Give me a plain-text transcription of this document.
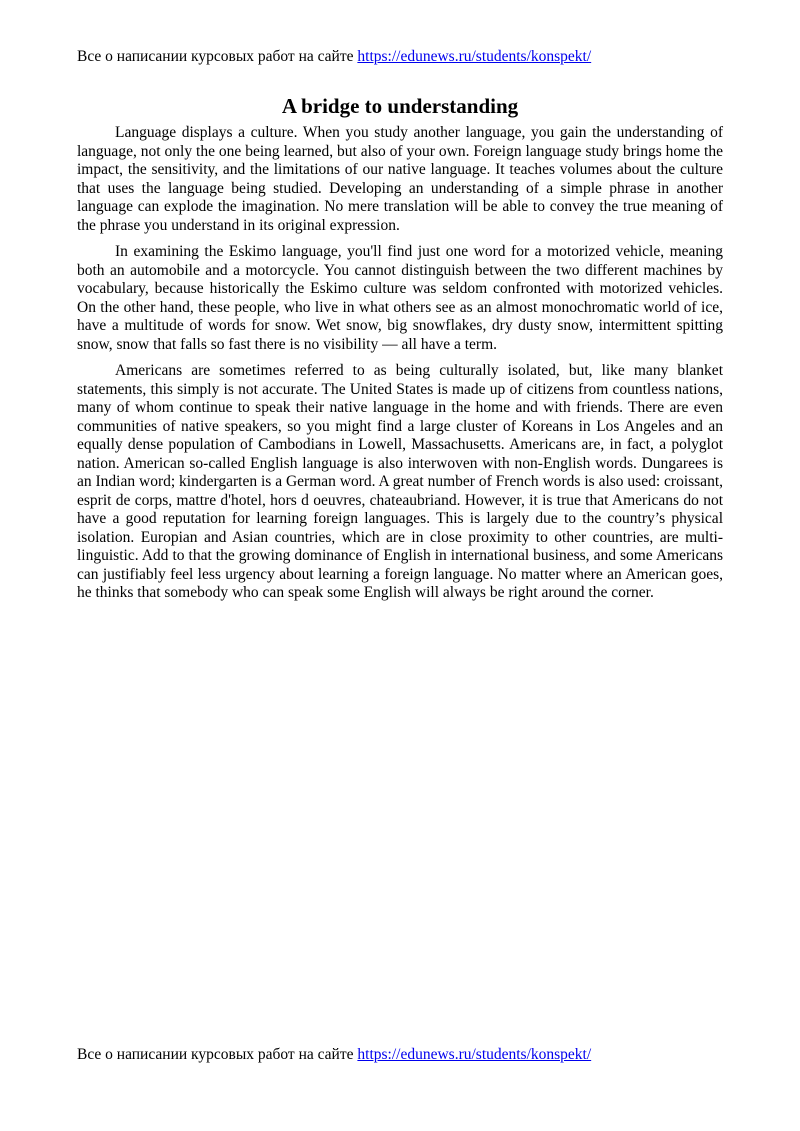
Все о написании курсовых работ на сайте https://edunews.ru/students/konspekt/
A bridge to understanding

Language displays a culture. When you study another language, you gain the understanding of language, not only the one being learned, but also of your own. Foreign language study brings home the impact, the sensitivity, and the limitations of our native language. It teaches volumes about the culture that uses the language being studied. Developing an understanding of a simple phrase in another language can explode the imagination. No mere translation will be able to convey the true meaning of the phrase you understand in its original expression.

In examining the Eskimo language, you'll find just one word for a motorized vehicle, meaning both an automobile and a motorcycle. You cannot distinguish between the two different machines by vocabulary, because historically the Eskimo culture was seldom confronted with motorized vehicles. On the other hand, these people, who live in what others see as an almost monochromatic world of ice, have a multitude of words for snow. Wet snow, big snowflakes, dry dusty snow, intermittent spitting snow, snow that falls so fast there is no visibility — all have a term.

Americans are sometimes referred to as being culturally isolated, but, like many blanket statements, this simply is not accurate. The United States is made up of citizens from countless nations, many of whom continue to speak their native language in the home and with friends. There are even communities of native speakers, so you might find a large cluster of Koreans in Los Angeles and an equally dense population of Cambodians in Lowell, Massachusetts. Americans are, in fact, a polyglot nation. American so-called English language is also interwoven with non-English words. Dungarees is an Indian word; kindergarten is a German word. A great number of French words is also used: croissant, esprit de corps, mattre d'hotel, hors d oeuvres, chateaubriand. However, it is true that Americans do not have a good reputation for learning foreign languages. This is largely due to the country’s physical isolation. Europian and Asian countries, which are in close proximity to other countries, are multi-linguistic. Add to that the growing dominance of English in international business, and some Americans can justifiably feel less urgency about learning a foreign language. No matter where an American goes, he thinks that somebody who can speak some English will always be right around the corner.

Все о написании курсовых работ на сайте https://edunews.ru/students/konspekt/
